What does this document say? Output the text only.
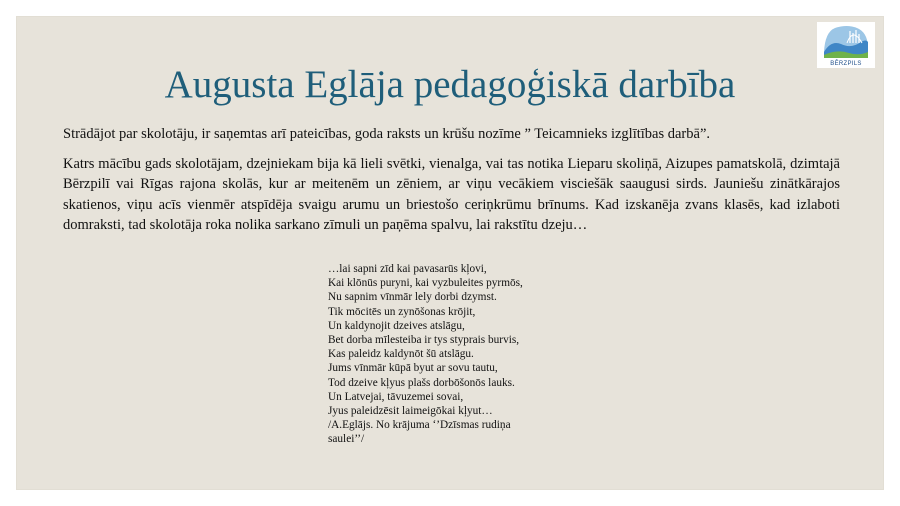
BĒRZPILS
Augusta Eglāja pedagoģiskā darbība
Strādājot par skolotāju, ir saņemtas arī pateicības, goda raksts un krūšu nozīme ” Teicamnieks izglītības darbā”.
Katrs mācību gads skolotājam, dzejniekam bija kā lieli svētki, vienalga, vai tas notika Lieparu skoliņā, Aizupes pamatskolā, dzimtajā Bērzpilī vai Rīgas rajona skolās, kur ar meitenēm un zēniem, ar viņu vecākiem visciešāk saaugusi sirds. Jauniešu zinātkārajos skatienos, viņu acīs vienmēr atspīdēja svaigu arumu un briestošo ceriņkrūmu brīnums. Kad izskanēja zvans klasēs, kad izlaboti domraksti, tad skolotāja roka nolika sarkano zīmuli un paņēma spalvu, lai rakstītu dzeju…
…lai sapni zīd kai pavasarūs kļovi,
Kai klōnūs puryni, kai vyzbuleites pyrmōs,
Nu sapnim vīnmār lely dorbi dzymst.
Tik mōcitēs un zynōšonas krōjit,
Un kaldynojit dzeives atslāgu,
Bet dorba mīlesteiba ir tys styprais burvis,
Kas paleidz kaldynōt šū atslāgu.
Jums vīnmār kūpā byut ar sovu tautu,
Tod dzeive kļyus plašs dorbōšonōs lauks.
Un Latvejai, tāvuzemei sovai,
Jyus paleidzēsit laimeigōkai kļyut…
/A.Eglājs. No krājuma ‘’Dzīsmas rudiņa
saulei’’/
